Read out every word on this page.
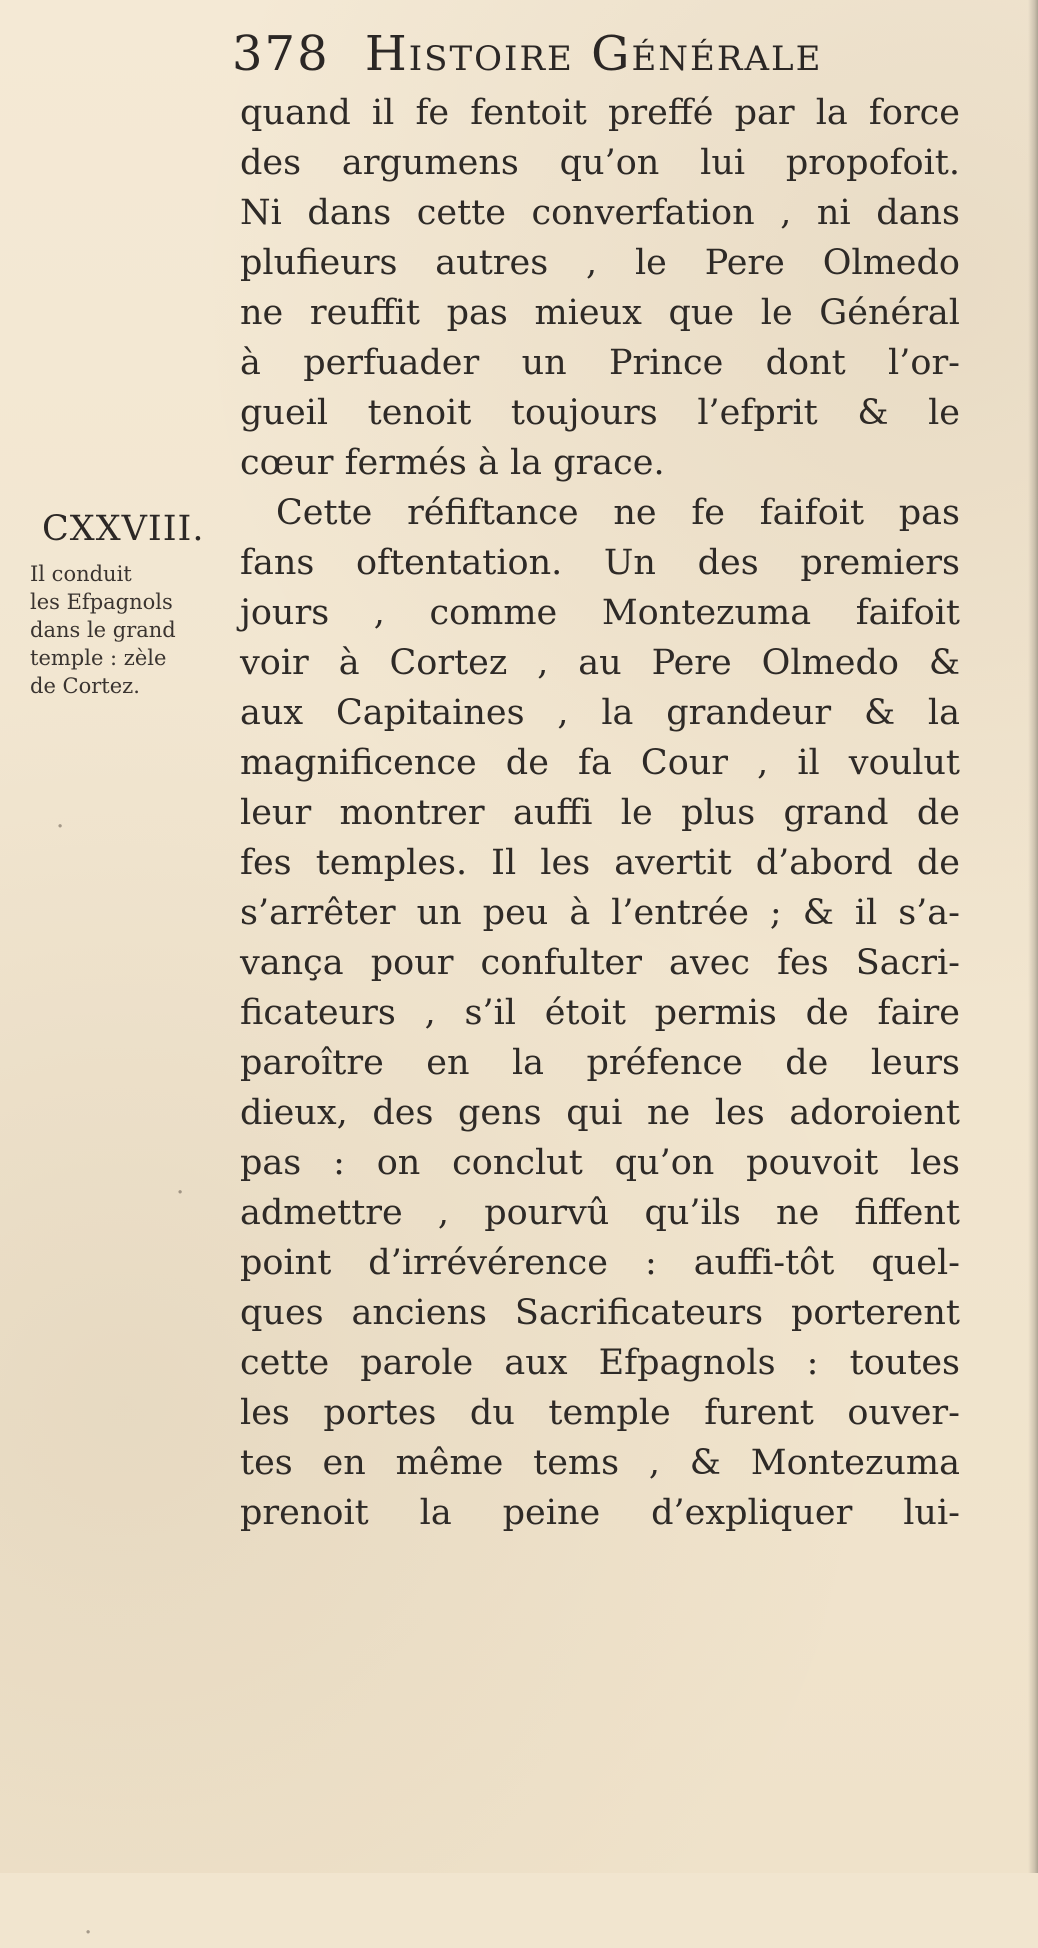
378 Histoire Générale
CXXVIII.
Il conduit
les Efpagnols
dans le grand
temple : zèle
de Cortez.
quand il fe fentoit preffé par la force
des argumens qu’on lui propofoit.
Ni dans cette converfation , ni dans
plufieurs autres , le Pere Olmedo
ne reuffit pas mieux que le Général
à perfuader un Prince dont l’or-
gueil tenoit toujours l’efprit & le
cœur fermés à la grace.
Cette réfiftance ne fe faifoit pas
fans oftentation. Un des premiers
jours , comme Montezuma faifoit
voir à Cortez , au Pere Olmedo &
aux Capitaines , la grandeur & la
magnificence de fa Cour , il voulut
leur montrer auffi le plus grand de
fes temples. Il les avertit d’abord de
s’arrêter un peu à l’entrée ; & il s’a-
vança pour confulter avec fes Sacri-
ficateurs , s’il étoit permis de faire
paroître en la préfence de leurs
dieux, des gens qui ne les adoroient
pas : on conclut qu’on pouvoit les
admettre , pourvû qu’ils ne fiffent
point d’irrévérence : auffi-tôt quel-
ques anciens Sacrificateurs porterent
cette parole aux Efpagnols : toutes
les portes du temple furent ouver-
tes en même tems , & Montezuma
prenoit la peine d’expliquer lui-
·
·
·
